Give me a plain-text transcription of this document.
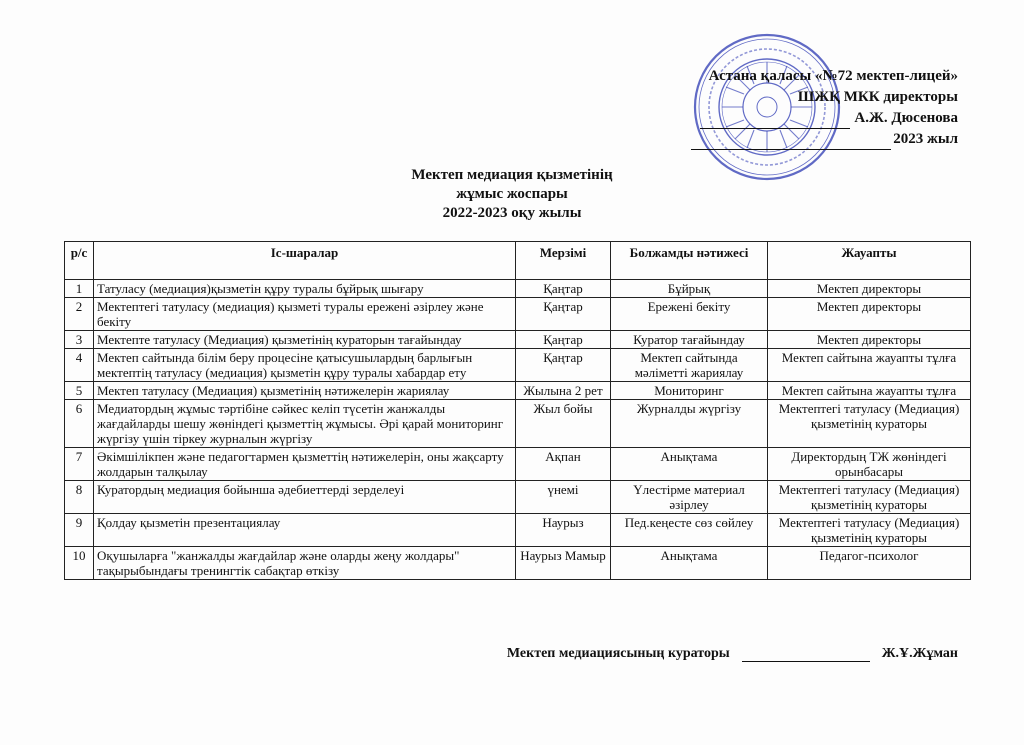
Астана қаласы «№72 мектеп-лицей»
ШЖҚ МКК директоры
А.Ж. Дюсенова
2023 жыл
Мектеп медиация қызметінің
жұмыс жоспары
2022-2023 оқу жылы
р/с	Іс-шаралар	Мерзімі	Болжамды нәтижесі	Жауапты
1	Татуласу (медиация)қызметін құру туралы бұйрық шығару	Қаңтар	Бұйрық	Мектеп директоры
2	Мектептегі татуласу (медиация) қызметі туралы ережені әзірлеу және бекіту	Қаңтар	Ережені бекіту	Мектеп директоры
3	Мектепте татуласу (Медиация) қызметінің кураторын тағайындау	Қаңтар	Куратор тағайындау	Мектеп директоры
4	Мектеп сайтында білім беру процесіне қатысушылардың барлығын мектептің татуласу (медиация) қызметін құру туралы хабардар ету	Қаңтар	Мектеп сайтында мәліметті жариялау	Мектеп сайтына жауапты тұлға
5	Мектеп татуласу (Медиация) қызметінің нәтижелерін жариялау	Жылына 2 рет	Мониторинг	Мектеп сайтына жауапты тұлға
6	Медиатордың жұмыс тәртібіне сәйкес келіп түсетін жанжалды жағдайларды шешу жөніндегі қызметтің жұмысы. Әрі қарай мониторинг жүргізу үшін тіркеу журналын жүргізу	Жыл бойы	Журналды жүргізу	Мектептегі татуласу (Медиация) қызметінің кураторы
7	Әкімшілікпен және педагогтармен қызметтің нәтижелерін, оны жақсарту жолдарын талқылау	Ақпан	Анықтама	Директордың ТЖ жөніндегі орынбасары
8	Куратордың медиация бойынша әдебиеттерді зерделеуі	үнемі	Үлестірме материал әзірлеу	Мектептегі татуласу (Медиация) қызметінің кураторы
9	Қолдау қызметін презентациялау	Наурыз	Пед.кеңесте сөз сөйлеу	Мектептегі татуласу (Медиация) қызметінің кураторы
10	Оқушыларға "жанжалды жағдайлар және оларды жеңу жолдары" тақырыбындағы тренингтік сабақтар өткізу	Наурыз Мамыр	Анықтама	Педагог-психолог
Мектеп медиациясының кураторы	Ж.Ұ.Жұман
